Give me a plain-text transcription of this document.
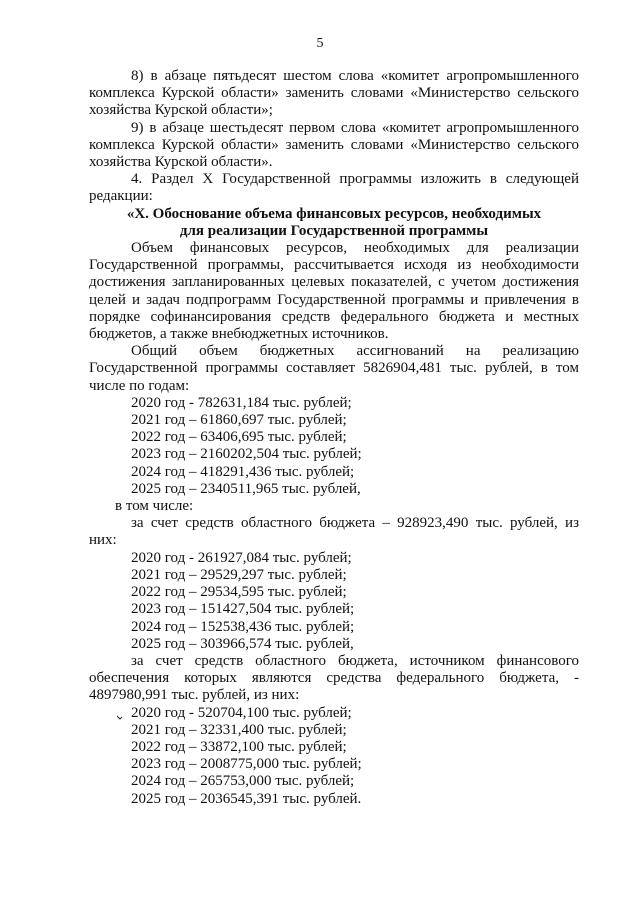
5

8) в абзаце пятьдесят шестом слова «комитет агропромышленного

комплекса Курской области» заменить словами «Министерство сельского

хозяйства Курской области»;

9) в абзаце шестьдесят первом слова «комитет агропромышленного

комплекса Курской области» заменить словами «Министерство сельского

хозяйства Курской области».

4. Раздел X Государственной программы изложить в следующей

редакции:

«X. Обоснование объема финансовых ресурсов, необходимых

для реализации Государственной программы

Объем финансовых ресурсов, необходимых для реализации

Государственной программы, рассчитывается исходя из необходимости

достижения запланированных целевых показателей, с учетом достижения

целей и задач подпрограмм Государственной программы и привлечения в

порядке софинансирования средств федерального бюджета и местных

бюджетов, а также внебюджетных источников.

Общий объем бюджетных ассигнований на реализацию

Государственной программы составляет 5826904,481 тыс. рублей, в том

числе по годам:

2020 год - 782631,184 тыс. рублей;

2021 год – 61860,697 тыс. рублей;

2022 год – 63406,695 тыс. рублей;

2023 год – 2160202,504 тыс. рублей;

2024 год – 418291,436 тыс. рублей;

2025 год – 2340511,965 тыс. рублей,

в том числе:

за счет средств областного бюджета – 928923,490 тыс. рублей, из

них:

2020 год - 261927,084 тыс. рублей;

2021 год – 29529,297 тыс. рублей;

2022 год – 29534,595 тыс. рублей;

2023 год – 151427,504 тыс. рублей;

2024 год – 152538,436 тыс. рублей;

2025 год – 303966,574 тыс. рублей,

за счет средств областного бюджета, источником финансового

обеспечения которых являются средства федерального бюджета, -

4897980,991 тыс. рублей, из них:

2020 год - 520704,100 тыс. рублей;

2021 год – 32331,400 тыс. рублей;

2022 год – 33872,100 тыс. рублей;

2023 год – 2008775,000 тыс. рублей;

2024 год – 265753,000 тыс. рублей;

2025 год – 2036545,391 тыс. рублей.
